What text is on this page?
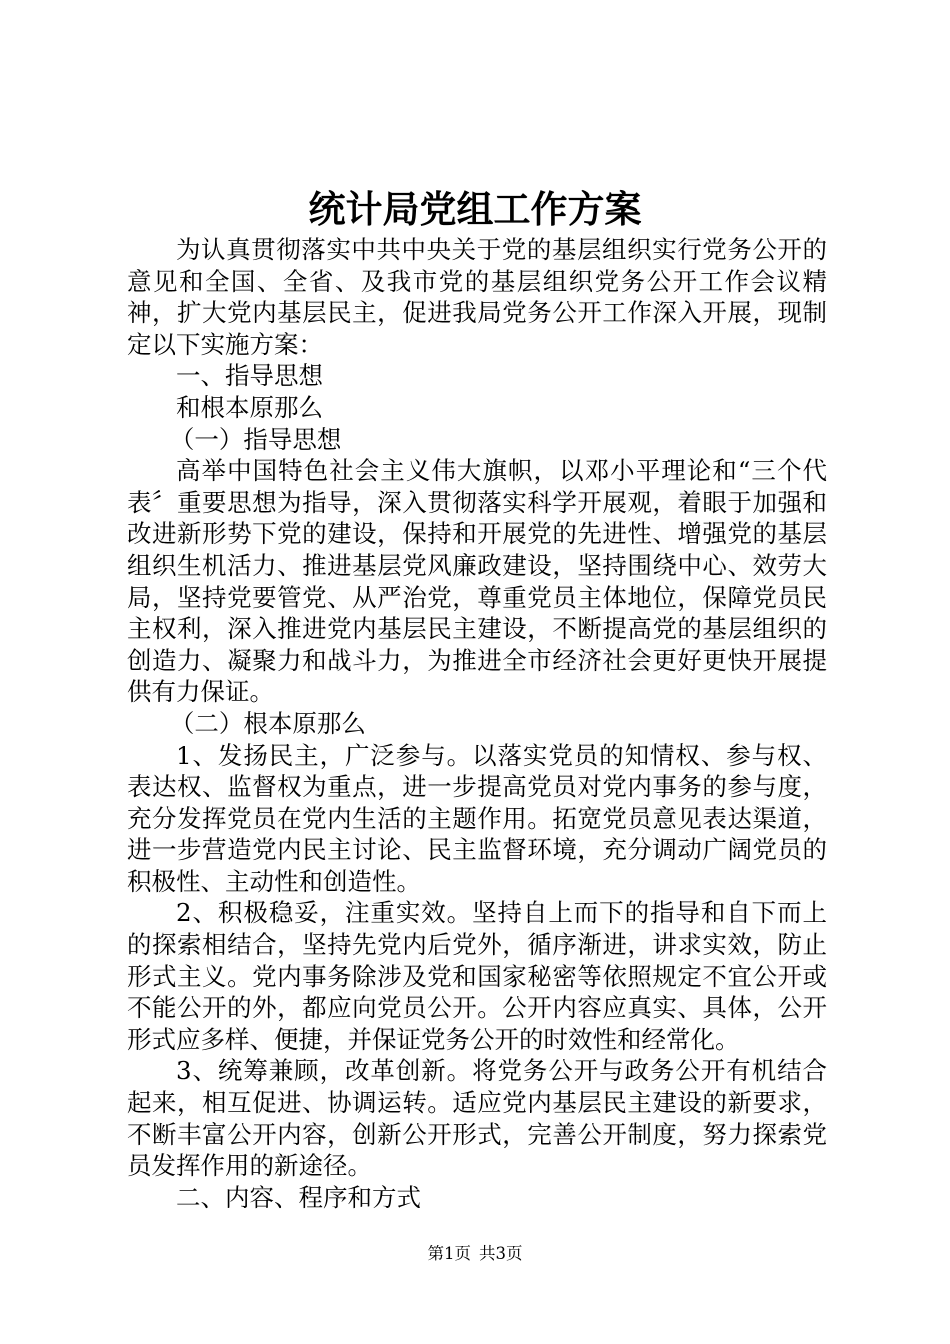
统计局党组工作方案

为认真贯彻落实中共中央关于党的基层组织实行党务公开的意见和全国、全省、及我市党的基层组织党务公开工作会议精神，扩大党内基层民主，促进我局党务公开工作深入开展，现制定以下实施方案：

一、指导思想

和根本原那么

（一）指导思想

高举中国特色社会主义伟大旗帜，以邓小平理论和“三个代表〞重要思想为指导，深入贯彻落实科学开展观，着眼于加强和改进新形势下党的建设，保持和开展党的先进性、增强党的基层组织生机活力、推进基层党风廉政建设，坚持围绕中心、效劳大局，坚持党要管党、从严治党，尊重党员主体地位，保障党员民主权利，深入推进党内基层民主建设，不断提高党的基层组织的创造力、凝聚力和战斗力，为推进全市经济社会更好更快开展提供有力保证。

（二）根本原那么

1、发扬民主，广泛参与。以落实党员的知情权、参与权、表达权、监督权为重点，进一步提高党员对党内事务的参与度，充分发挥党员在党内生活的主题作用。拓宽党员意见表达渠道，进一步营造党内民主讨论、民主监督环境，充分调动广阔党员的积极性、主动性和创造性。

2、积极稳妥，注重实效。坚持自上而下的指导和自下而上的探索相结合，坚持先党内后党外，循序渐进，讲求实效，防止形式主义。党内事务除涉及党和国家秘密等依照规定不宜公开或不能公开的外，都应向党员公开。公开内容应真实、具体，公开形式应多样、便捷，并保证党务公开的时效性和经常化。

3、统筹兼顾，改革创新。将党务公开与政务公开有机结合起来，相互促进、协调运转。适应党内基层民主建设的新要求，不断丰富公开内容，创新公开形式，完善公开制度，努力探索党员发挥作用的新途径。

二、内容、程序和方式

第1页 共3页
